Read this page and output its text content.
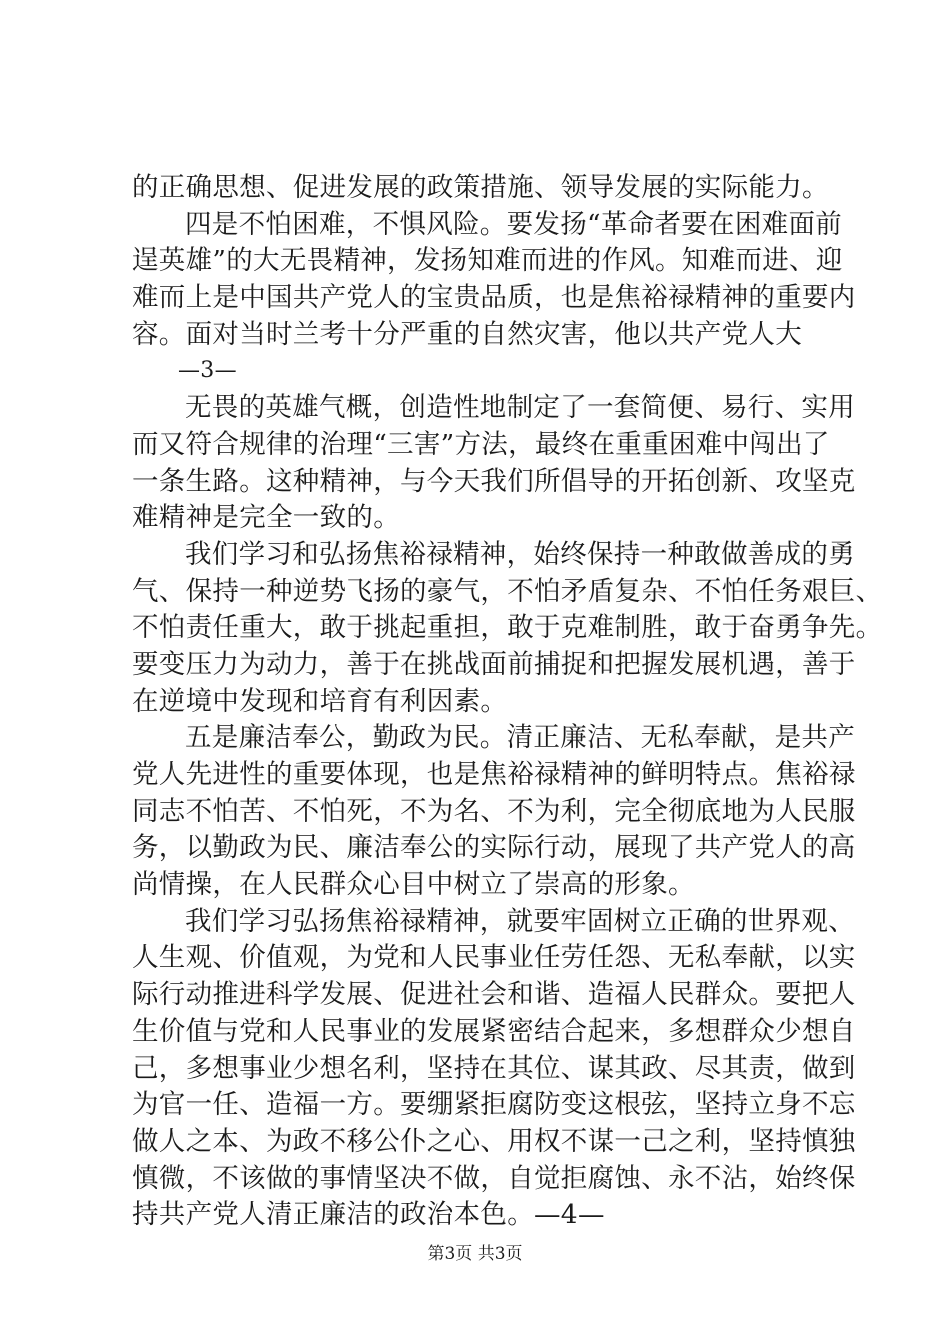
的正确思想、促进发展的政策措施、领导发展的实际能力。
四是不怕困难，不惧风险。要发扬“革命者要在困难面前
逞英雄”的大无畏精神，发扬知难而进的作风。知难而进、迎
难而上是中国共产党人的宝贵品质，也是焦裕禄精神的重要内
容。面对当时兰考十分严重的自然灾害，他以共产党人大
—3—
无畏的英雄气概，创造性地制定了一套简便、易行、实用
而又符合规律的治理“三害”方法，最终在重重困难中闯出了
一条生路。这种精神，与今天我们所倡导的开拓创新、攻坚克
难精神是完全一致的。
我们学习和弘扬焦裕禄精神，始终保持一种敢做善成的勇
气、保持一种逆势飞扬的豪气，不怕矛盾复杂、不怕任务艰巨、
不怕责任重大，敢于挑起重担，敢于克难制胜，敢于奋勇争先。
要变压力为动力，善于在挑战面前捕捉和把握发展机遇，善于
在逆境中发现和培育有利因素。
五是廉洁奉公，勤政为民。清正廉洁、无私奉献，是共产
党人先进性的重要体现，也是焦裕禄精神的鲜明特点。焦裕禄
同志不怕苦、不怕死，不为名、不为利，完全彻底地为人民服
务，以勤政为民、廉洁奉公的实际行动，展现了共产党人的高
尚情操，在人民群众心目中树立了崇高的形象。
我们学习弘扬焦裕禄精神，就要牢固树立正确的世界观、
人生观、价值观，为党和人民事业任劳任怨、无私奉献，以实
际行动推进科学发展、促进社会和谐、造福人民群众。要把人
生价值与党和人民事业的发展紧密结合起来，多想群众少想自
己，多想事业少想名利，坚持在其位、谋其政、尽其责，做到
为官一任、造福一方。要绷紧拒腐防变这根弦，坚持立身不忘
做人之本、为政不移公仆之心、用权不谋一己之利，坚持慎独
慎微，不该做的事情坚决不做，自觉拒腐蚀、永不沾，始终保
持共产党人清正廉洁的政治本色。—4—
第3页 共3页
